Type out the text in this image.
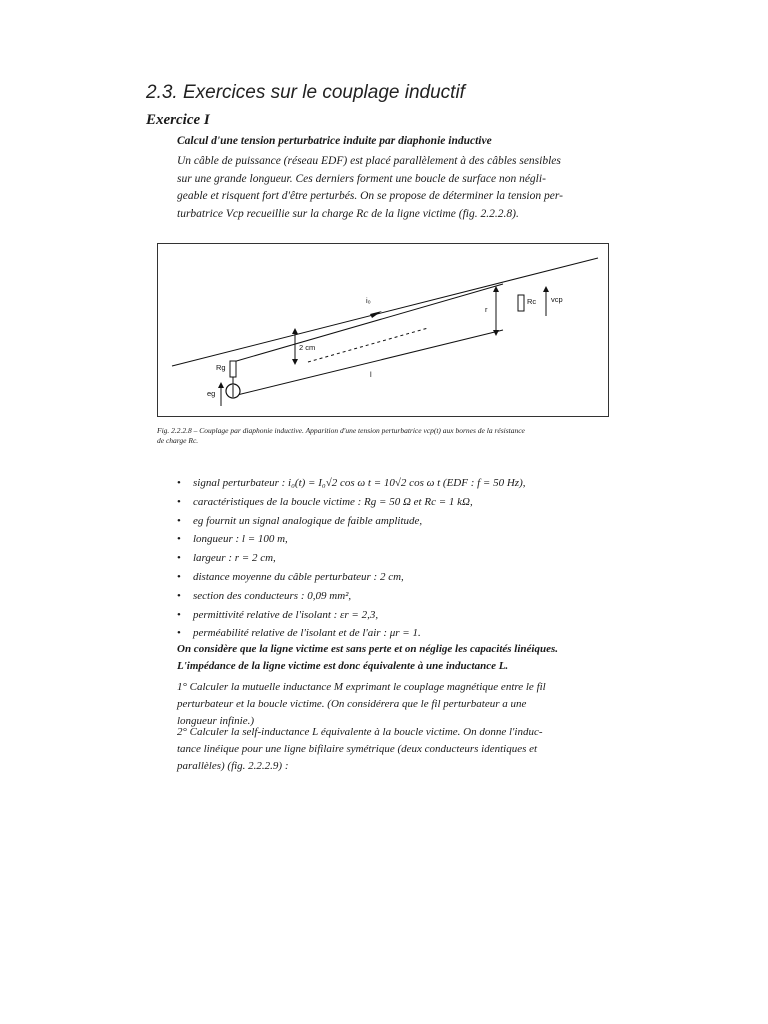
2.3. Exercices sur le couplage inductif
Exercice I
Calcul d'une tension perturbatrice induite par diaphonie inductive
Un câble de puissance (réseau EDF) est placé parallèlement à des câbles sensibles
sur une grande longueur. Ces derniers forment une boucle de surface non négli-
geable et risquent fort d'être perturbés. On se propose de déterminer la tension per-
turbatrice Vcp recueillie sur la charge Rc de la ligne victime (fig. 2.2.2.8).
i₀	Rc vcp
r
2 cm
Rg
eg
l
Fig. 2.2.2.8 – Couplage par diaphonie inductive. Apparition d'une tension perturbatrice vcp(t) aux bornes de la résistance
de charge Rc.
• signal perturbateur : i₀(t) = I₀√2 cos ω t = 10√2 cos ω t (EDF : f = 50 Hz),
• caractéristiques de la boucle victime : Rg = 50 Ω et Rc = 1 kΩ,
• eg fournit un signal analogique de faible amplitude,
• longueur : l = 100 m,
• largeur : r = 2 cm,
• distance moyenne du câble perturbateur : 2 cm,
• section des conducteurs : 0,09 mm²,
• permittivité relative de l'isolant : εr = 2,3,
• perméabilité relative de l'isolant et de l'air : μr = 1.
On considère que la ligne victime est sans perte et on néglige les capacités linéiques.
L'impédance de la ligne victime est donc équivalente à une inductance L.
1° Calculer la mutuelle inductance M exprimant le couplage magnétique entre le fil
perturbateur et la boucle victime. (On considérera que le fil perturbateur a une
longueur infinie.)
2° Calculer la self-inductance L équivalente à la boucle victime. On donne l'induc-
tance linéique pour une ligne bifilaire symétrique (deux conducteurs identiques et
parallèles) (fig. 2.2.2.9) :
